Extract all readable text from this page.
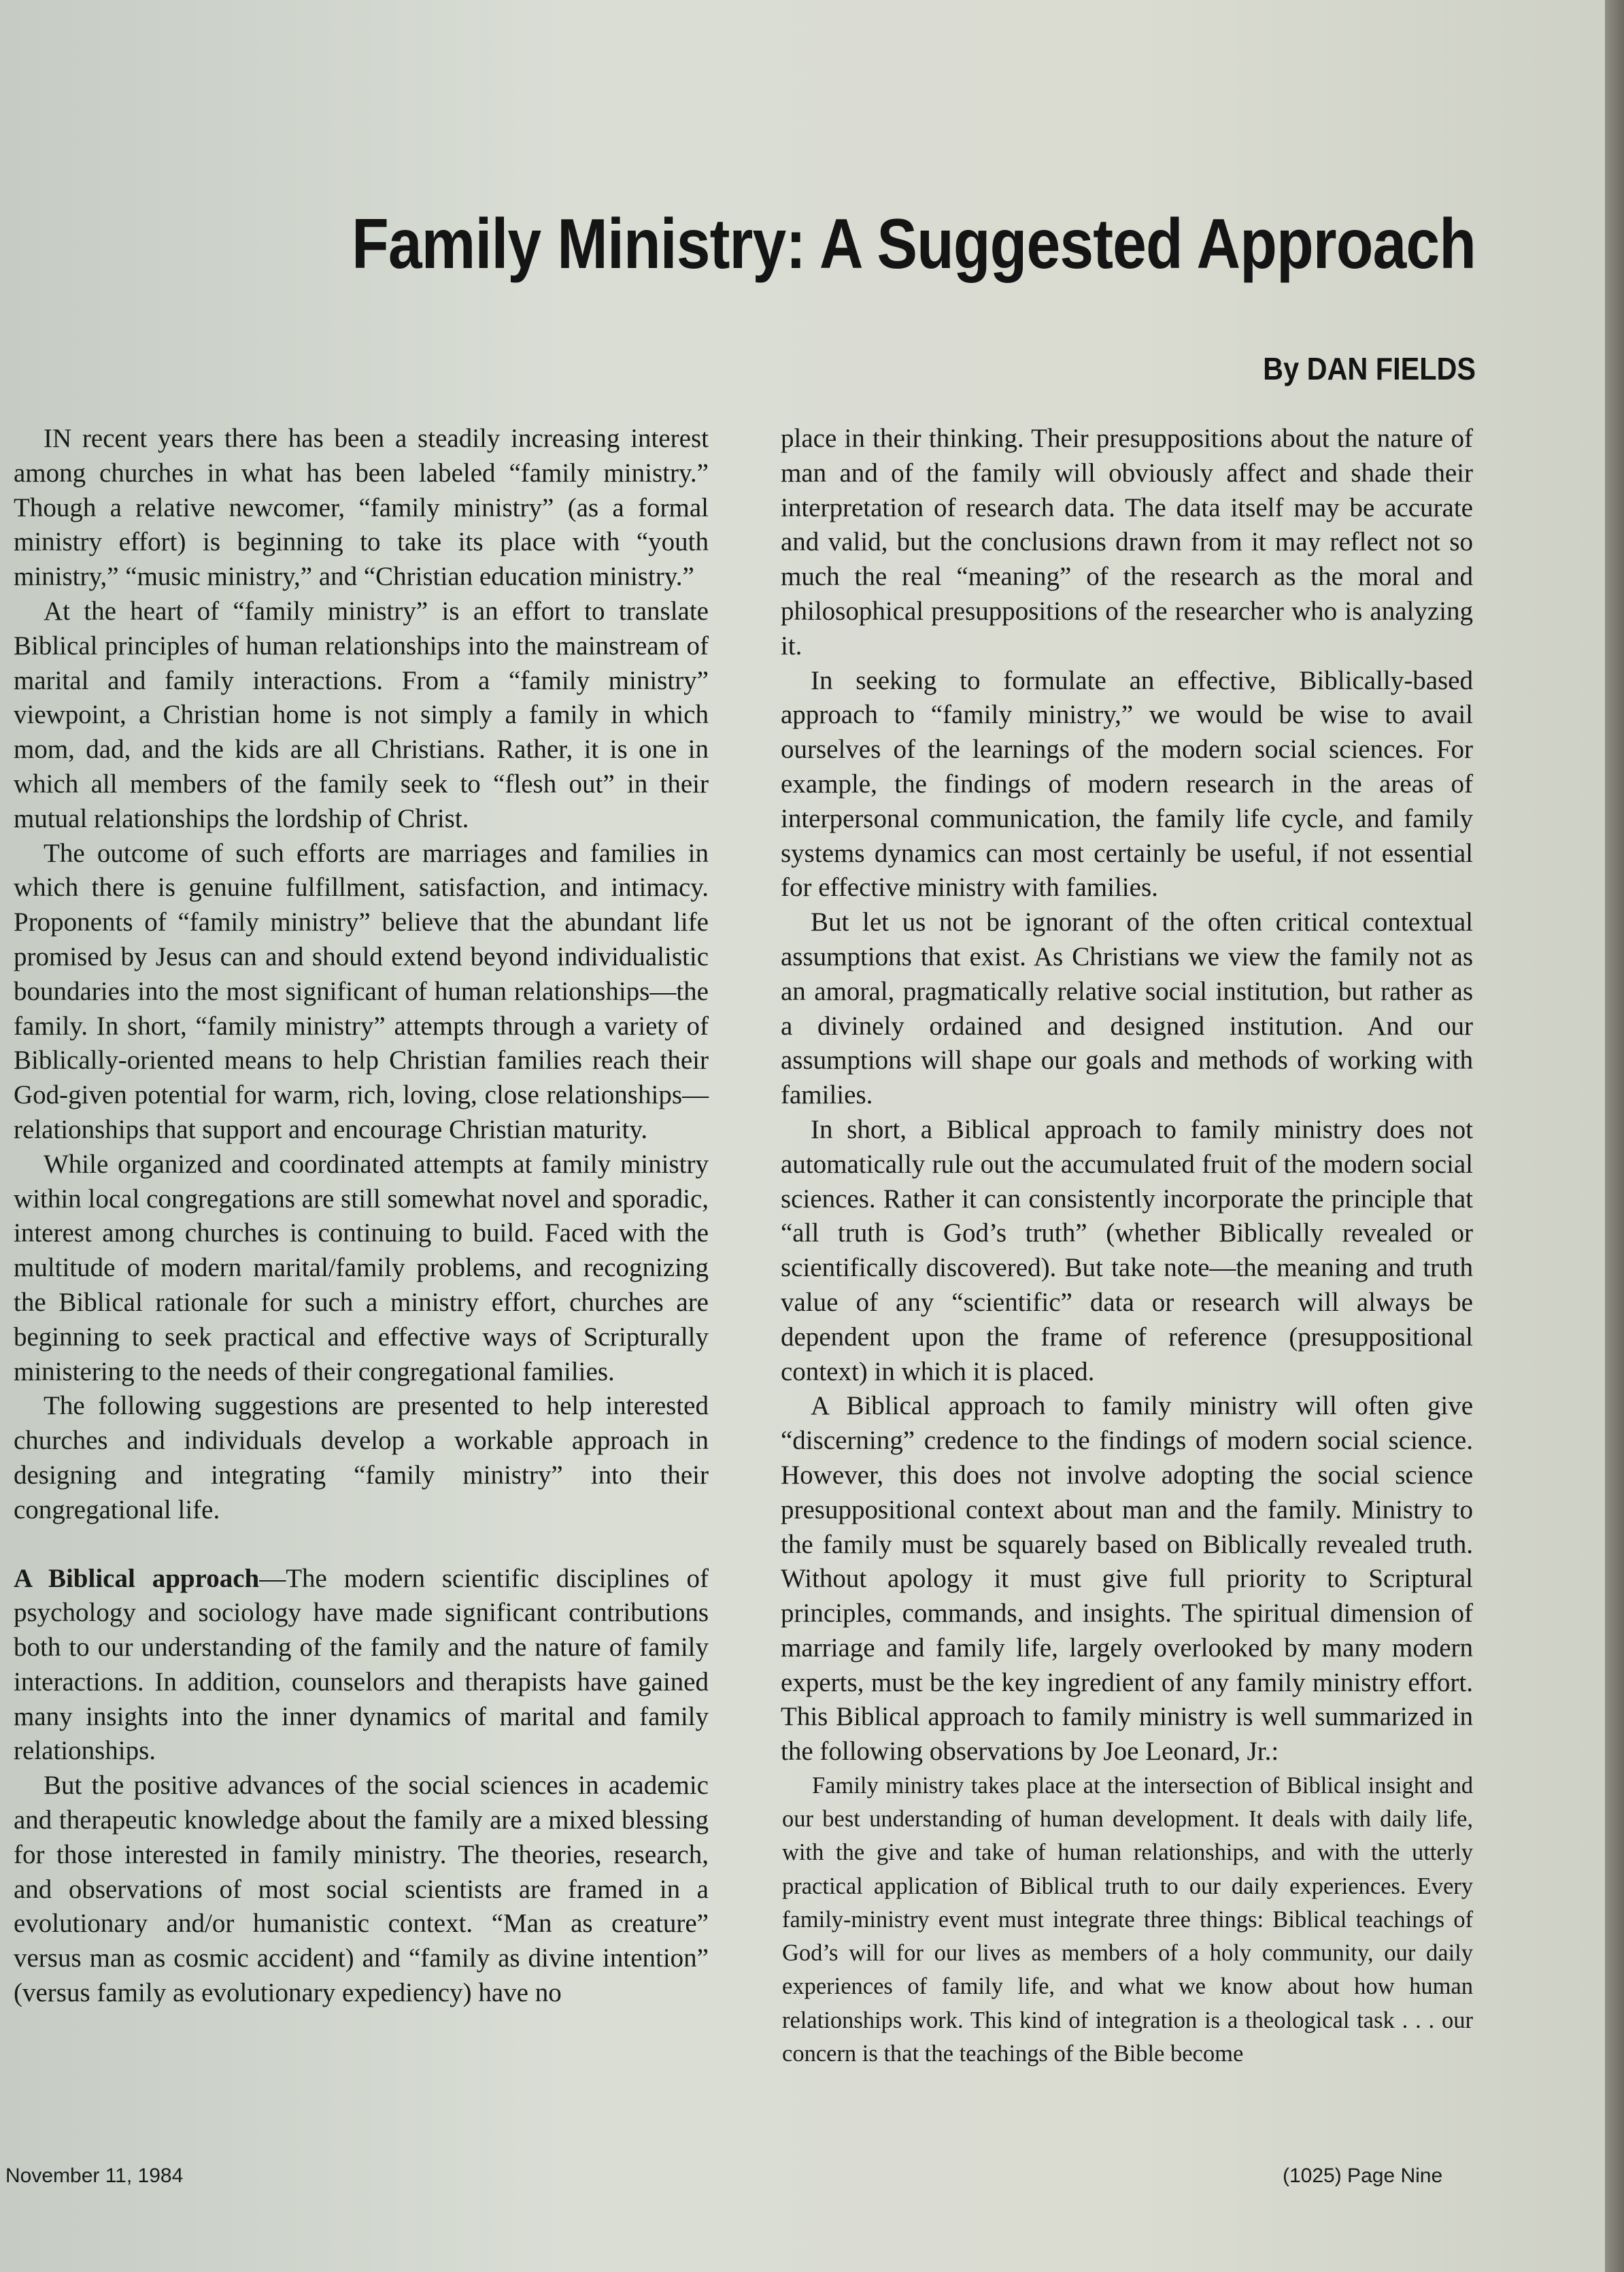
Family Ministry: A Suggested Approach
By DAN FIELDS

IN recent years there has been a steadily increasing interest among churches in what has been labeled “family ministry.” Though a relative newcomer, “family ministry” (as a formal ministry effort) is beginning to take its place with “youth ministry,” “music ministry,” and “Christian education ministry.”

At the heart of “family ministry” is an effort to translate Biblical principles of human relationships into the mainstream of marital and family interactions. From a “family ministry” viewpoint, a Christian home is not simply a family in which mom, dad, and the kids are all Christians. Rather, it is one in which all members of the family seek to “flesh out” in their mutual relationships the lordship of Christ.

The outcome of such efforts are marriages and families in which there is genuine fulfillment, satisfaction, and intimacy. Proponents of “family ministry” believe that the abundant life promised by Jesus can and should extend beyond individualistic boundaries into the most significant of human relationships—the family. In short, “family ministry” attempts through a variety of Biblically-oriented means to help Christian families reach their God-given potential for warm, rich, loving, close relationships—relationships that support and encourage Christian maturity.

While organized and coordinated attempts at family ministry within local congregations are still somewhat novel and sporadic, interest among churches is continuing to build. Faced with the multitude of modern marital/family problems, and recognizing the Biblical rationale for such a ministry effort, churches are beginning to seek practical and effective ways of Scripturally ministering to the needs of their congregational families.

The following suggestions are presented to help interested churches and individuals develop a workable approach in designing and integrating “family ministry” into their congregational life.

A Biblical approach—The modern scientific disciplines of psychology and sociology have made significant contributions both to our understanding of the family and the nature of family interactions. In addition, counselors and therapists have gained many insights into the inner dynamics of marital and family relationships.

But the positive advances of the social sciences in academic and therapeutic knowledge about the family are a mixed blessing for those interested in family ministry. The theories, research, and observations of most social scientists are framed in a evolutionary and/or humanistic context. “Man as creature” versus man as cosmic accident) and “family as divine intention” (versus family as evolutionary expediency) have no

place in their thinking. Their presuppositions about the nature of man and of the family will obviously affect and shade their interpretation of research data. The data itself may be accurate and valid, but the conclusions drawn from it may reflect not so much the real “meaning” of the research as the moral and philosophical presuppositions of the researcher who is analyzing it.

In seeking to formulate an effective, Biblically-based approach to “family ministry,” we would be wise to avail ourselves of the learnings of the modern social sciences. For example, the findings of modern research in the areas of interpersonal communication, the family life cycle, and family systems dynamics can most certainly be useful, if not essential for effective ministry with families.

But let us not be ignorant of the often critical contextual assumptions that exist. As Christians we view the family not as an amoral, pragmatically relative social institution, but rather as a divinely ordained and designed institution. And our assumptions will shape our goals and methods of working with families.

In short, a Biblical approach to family ministry does not automatically rule out the accumulated fruit of the modern social sciences. Rather it can consistently incorporate the principle that “all truth is God’s truth” (whether Biblically revealed or scientifically discovered). But take note—the meaning and truth value of any “scientific” data or research will always be dependent upon the frame of reference (presuppositional context) in which it is placed.

A Biblical approach to family ministry will often give “discerning” credence to the findings of modern social science. However, this does not involve adopting the social science presuppositional context about man and the family. Ministry to the family must be squarely based on Biblically revealed truth. Without apology it must give full priority to Scriptural principles, commands, and insights. The spiritual dimension of marriage and family life, largely overlooked by many modern experts, must be the key ingredient of any family ministry effort. This Biblical approach to family ministry is well summarized in the following observations by Joe Leonard, Jr.:

Family ministry takes place at the intersection of Biblical insight and our best understanding of human development. It deals with daily life, with the give and take of human relationships, and with the utterly practical application of Biblical truth to our daily experiences. Every family-ministry event must integrate three things: Biblical teachings of God’s will for our lives as members of a holy community, our daily experiences of family life, and what we know about how human relationships work. This kind of integration is a theological task . . . our concern is that the teachings of the Bible become

November 11, 1984	(1025) Page Nine
